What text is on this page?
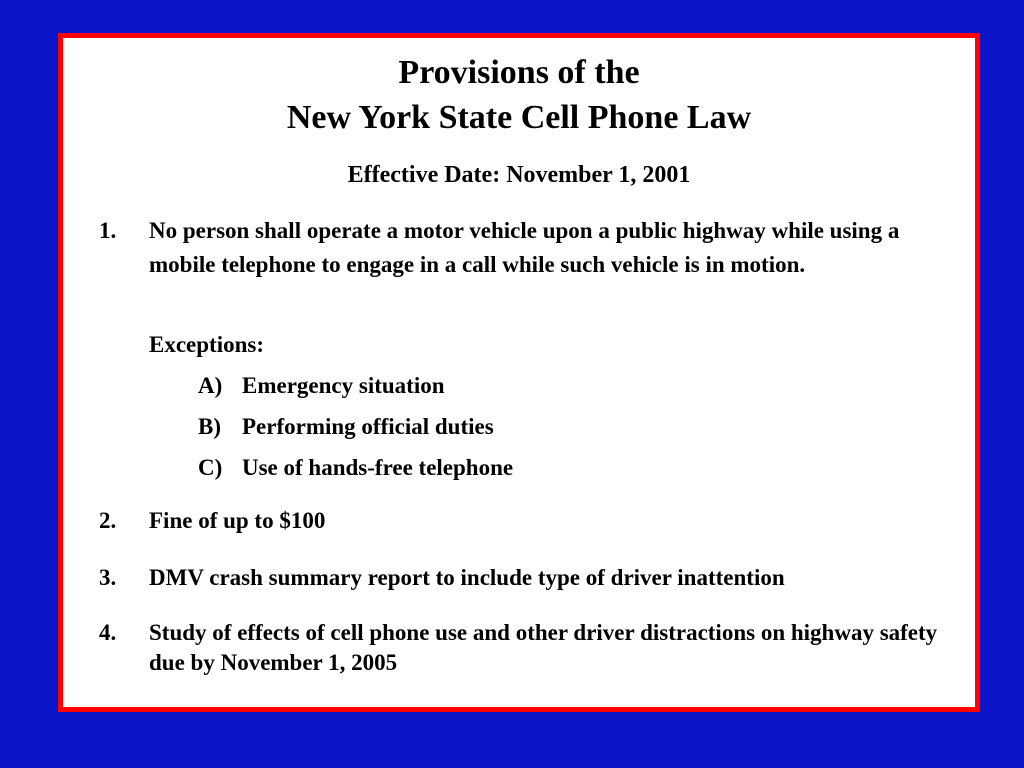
Provisions of the
New York State Cell Phone Law
Effective Date: November 1, 2001
1.	No person shall operate a motor vehicle upon a public highway while using a mobile telephone to engage in a call while such vehicle is in motion.
Exceptions:
A) Emergency situation
B) Performing official duties
C) Use of hands-free telephone
2.	Fine of up to $100
3.	DMV crash summary report to include type of driver inattention
4.	Study of effects of cell phone use and other driver distractions on highway safety due by November 1, 2005
